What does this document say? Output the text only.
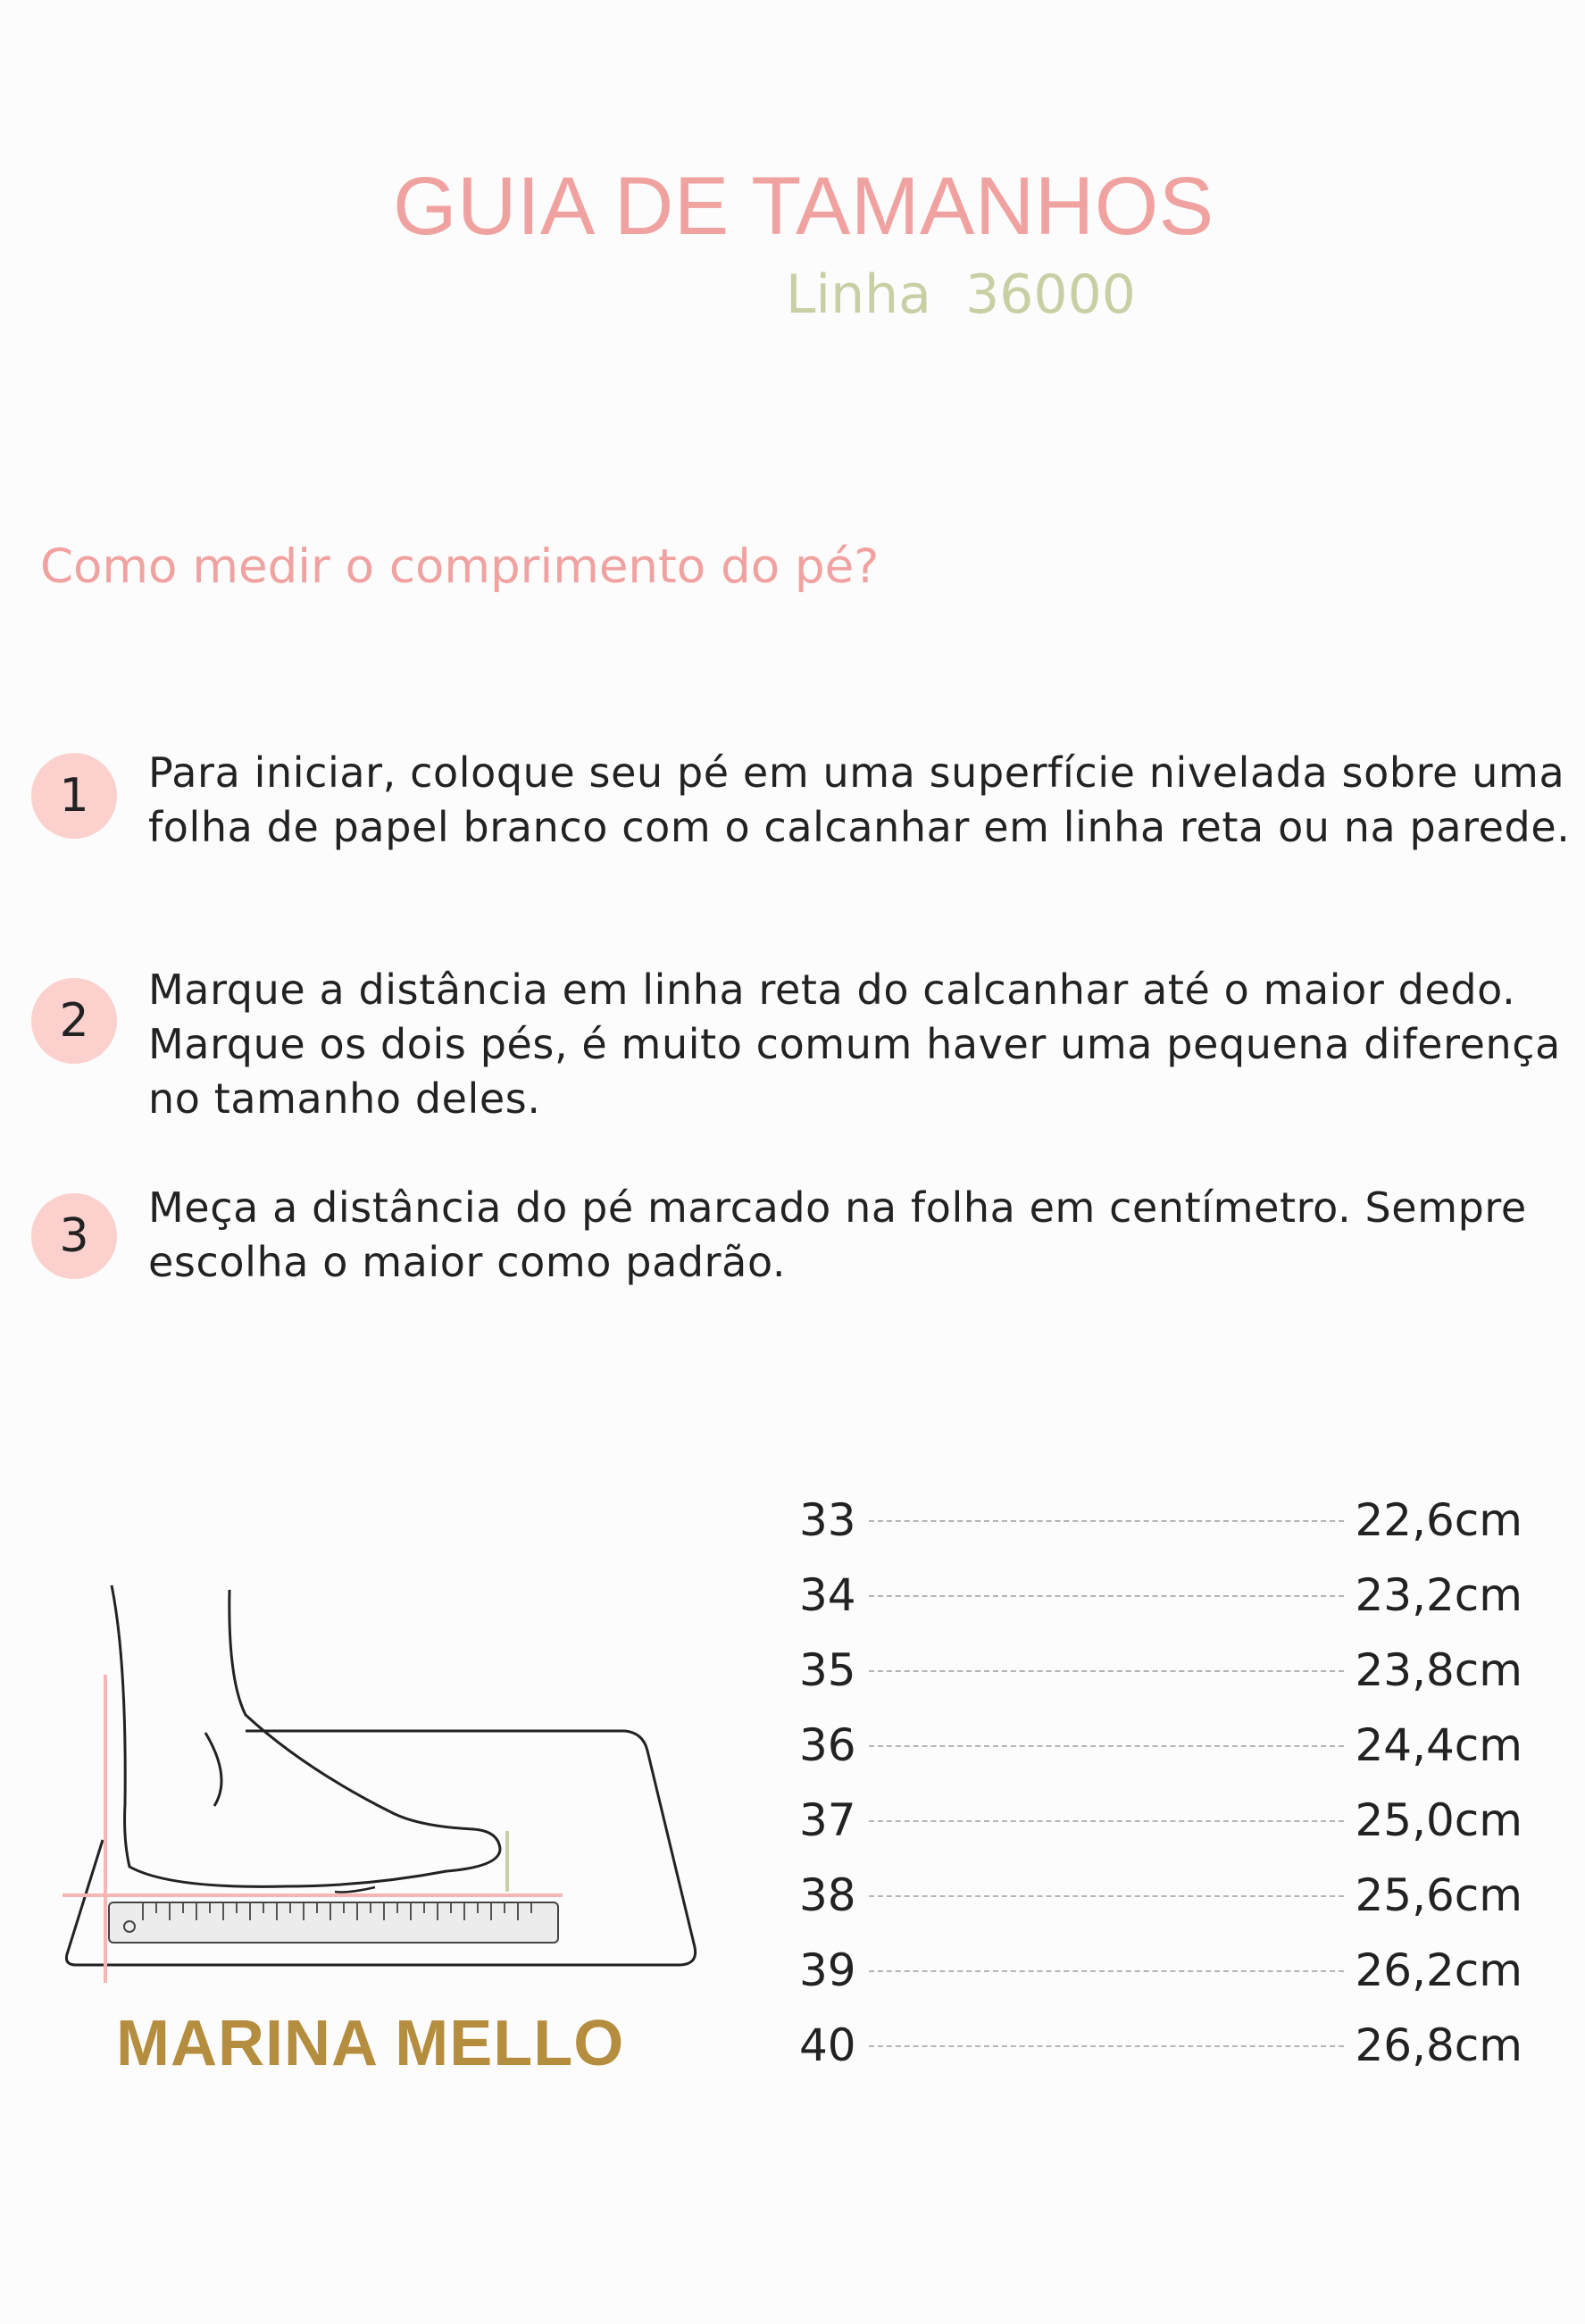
GUIA DE TAMANHOS
Linha  36000
Como medir o comprimento do pé?
1	Para iniciar, coloque seu pé em uma superfície nivelada sobre uma folha de papel branco com o calcanhar em linha reta ou na parede.
2
Marque a distância em linha reta do calcanhar até o maior dedo. Marque os dois pés, é muito comum haver uma pequena diferença no tamanho deles.
3
Meça a distância do pé marcado na folha em centímetro. Sempre escolha o maior como padrão.
MARINA MELLO
33	22,6cm
34	23,2cm
35	23,8cm
36	24,4cm
37	25,0cm
38	25,6cm
39	26,2cm
40	26,8cm
